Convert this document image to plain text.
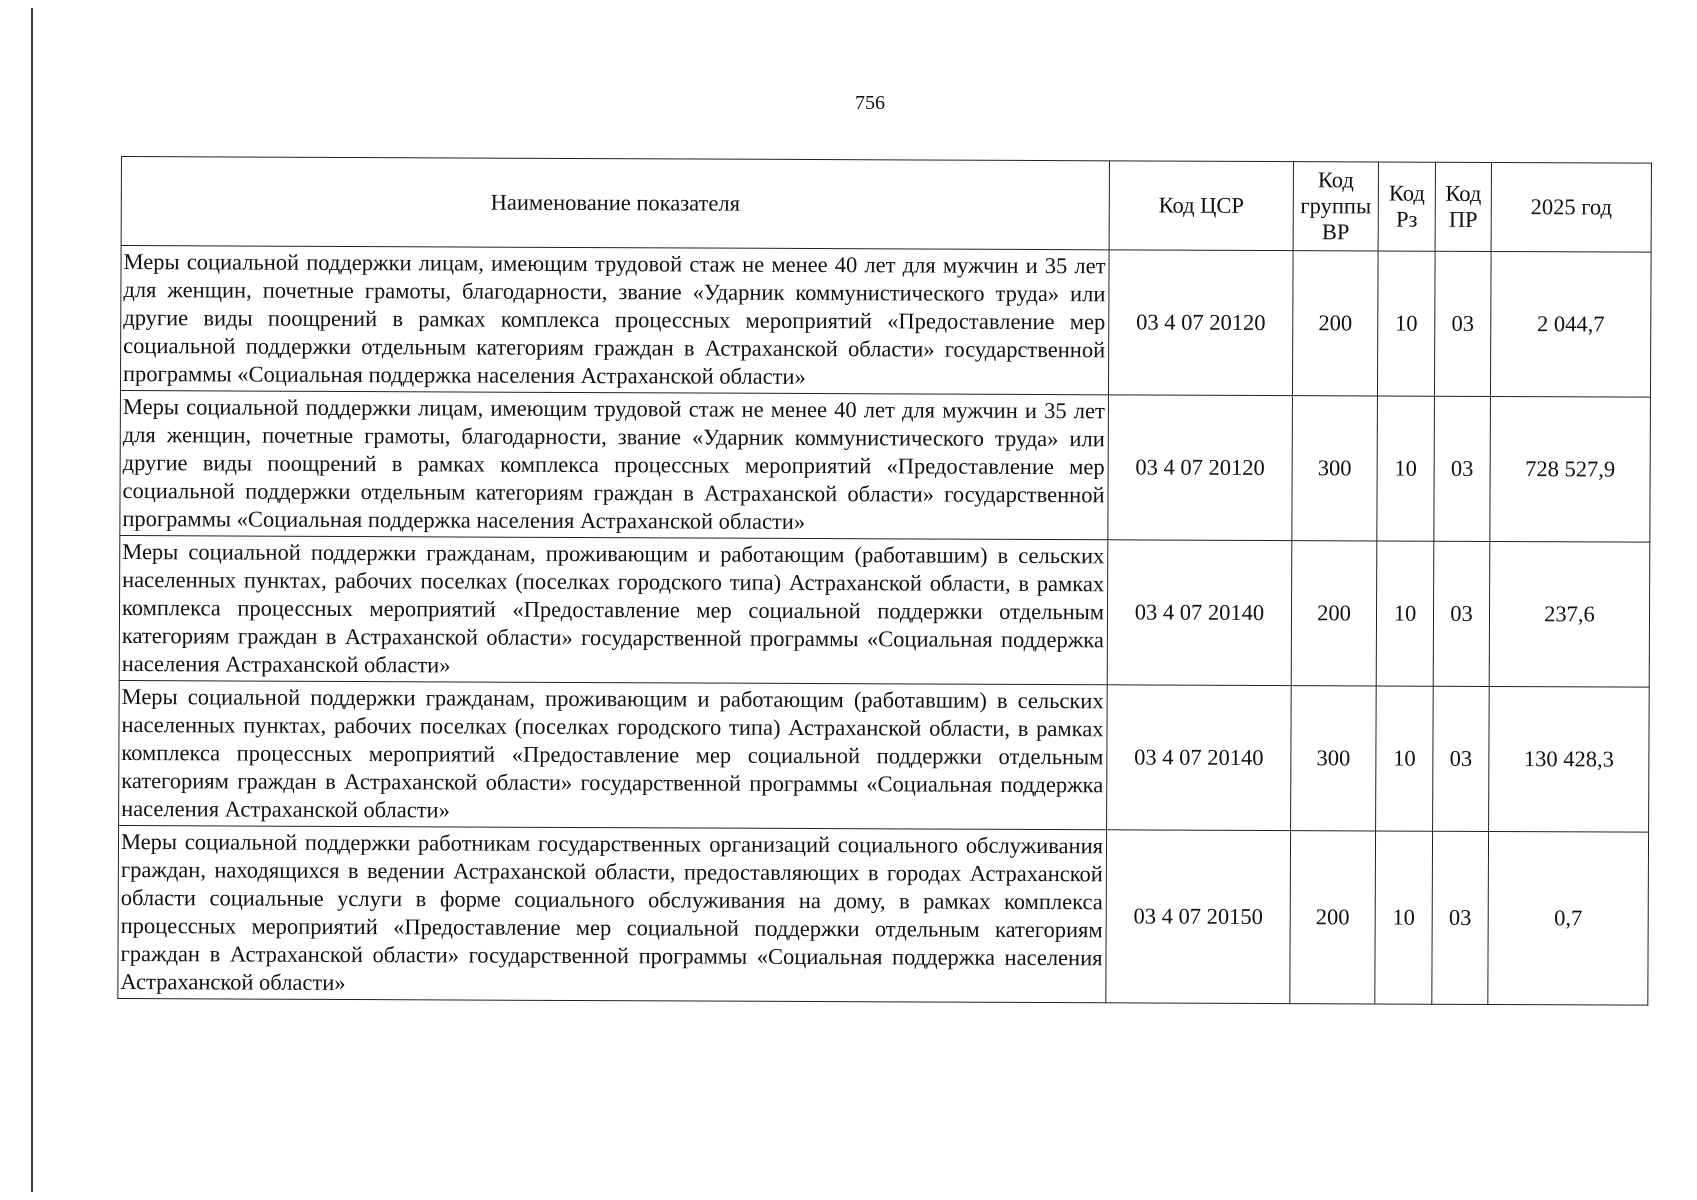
756
Наименование показателя	Код ЦСР	Код группы ВР	Код Рз	Код ПР	2025 год
Меры социальной поддержки лицам, имеющим трудовой стаж не менее 40 лет для мужчин и 35 лет для женщин, почетные грамоты, благодарности, звание «Ударник коммунистического труда» или другие виды поощрений в рамках комплекса процессных мероприятий «Предоставление мер социальной поддержки отдельным категориям граждан в Астраханской области» государственной программы «Социальная поддержка населения Астраханской области»	03 4 07 20120	200	10	03	2 044,7
Меры социальной поддержки лицам, имеющим трудовой стаж не менее 40 лет для мужчин и 35 лет для женщин, почетные грамоты, благодарности, звание «Ударник коммунистического труда» или другие виды поощрений в рамках комплекса процессных мероприятий «Предоставление мер социальной поддержки отдельным категориям граждан в Астраханской области» государственной программы «Социальная поддержка населения Астраханской области»	03 4 07 20120	300	10	03	728 527,9
Меры социальной поддержки гражданам, проживающим и работающим (работавшим) в сельских населенных пунктах, рабочих поселках (поселках городского типа) Астраханской области, в рамках комплекса процессных мероприятий «Предоставление мер социальной поддержки отдельным категориям граждан в Астраханской области» государственной программы «Социальная поддержка населения Астраханской области»	03 4 07 20140	200	10	03	237,6
Меры социальной поддержки гражданам, проживающим и работающим (работавшим) в сельских населенных пунктах, рабочих поселках (поселках городского типа) Астраханской области, в рамках комплекса процессных мероприятий «Предоставление мер социальной поддержки отдельным категориям граждан в Астраханской области» государственной программы «Социальная поддержка населения Астраханской области»	03 4 07 20140	300	10	03	130 428,3
Меры социальной поддержки работникам государственных организаций социального обслуживания граждан, находящихся в ведении Астраханской области, предоставляющих в городах Астраханской области социальные услуги в форме социального обслуживания на дому, в рамках комплекса процессных мероприятий «Предоставление мер социальной поддержки отдельным категориям граждан в Астраханской области» государственной программы «Социальная поддержка населения Астраханской области»	03 4 07 20150	200	10	03	0,7
